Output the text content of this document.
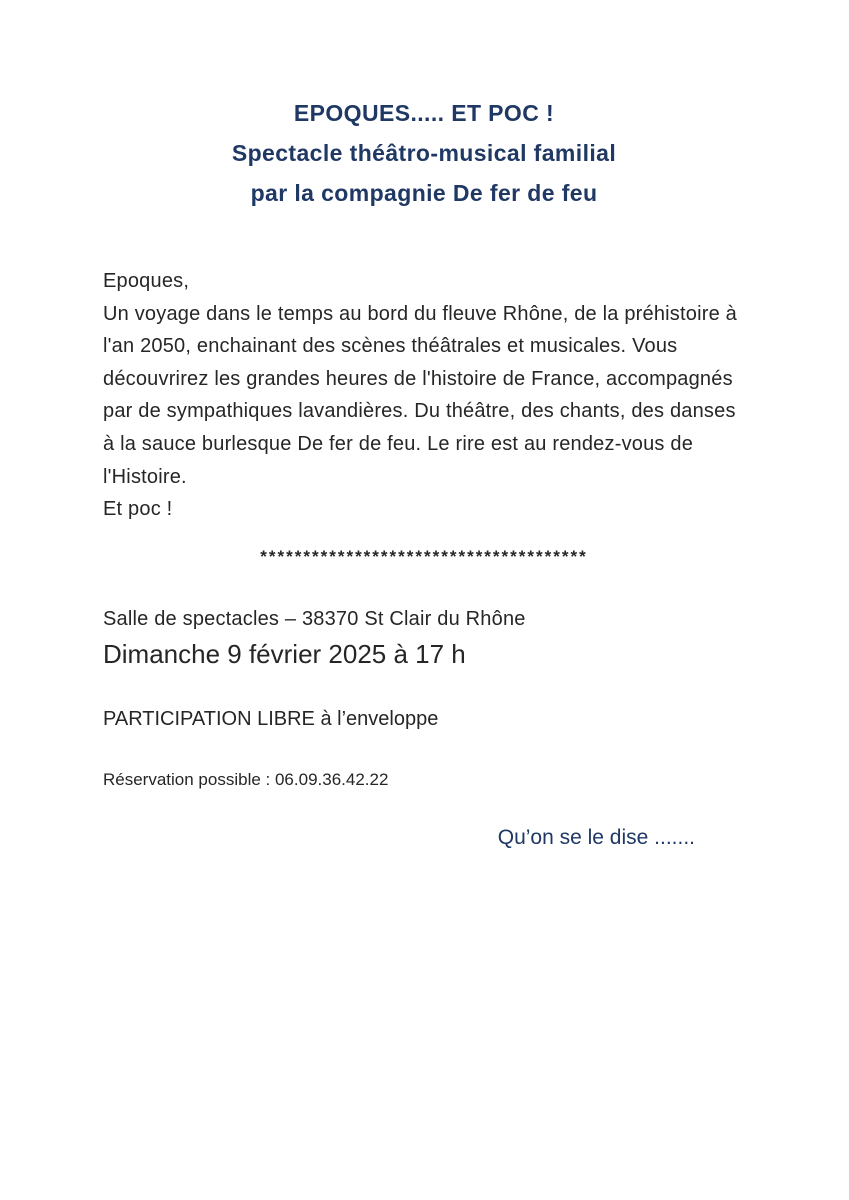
EPOQUES..... ET POC !
Spectacle théâtro-musical familial
par la compagnie De fer de feu
Epoques,
Un voyage dans le temps au bord du fleuve Rhône, de la préhistoire à
l'an 2050, enchainant des scènes théâtrales et musicales. Vous
découvrirez les grandes heures de l'histoire de France, accompagnés
par de sympathiques lavandières. Du théâtre, des chants, des danses
à la sauce burlesque De fer de feu. Le rire est au rendez-vous de
l'Histoire.
Et poc !
**************************************
Salle de spectacles – 38370 St Clair du Rhône
Dimanche 9 février 2025 à 17 h
PARTICIPATION LIBRE à l’enveloppe
Réservation possible : 06.09.36.42.22
Qu’on se le dise .......
